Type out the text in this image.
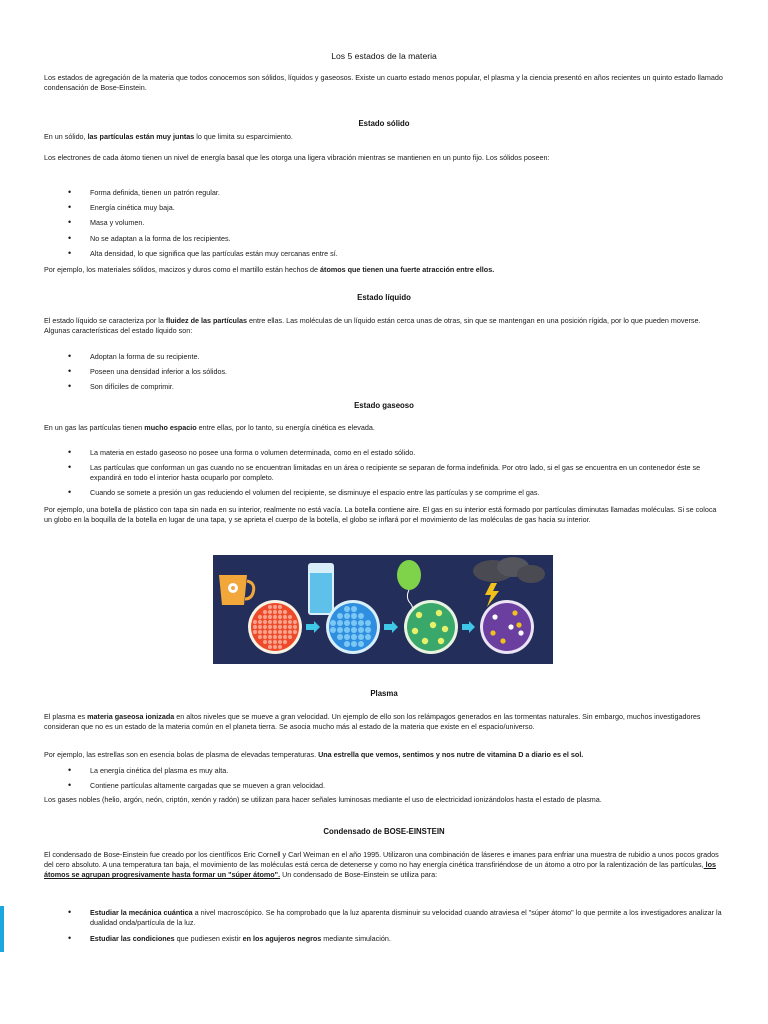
Los 5 estados de la materia

Los estados de agregación de la materia que todos conocemos son sólidos, líquidos y gaseosos. Existe un cuarto estado menos popular, el plasma y la ciencia presentó en años recientes un quinto estado llamado condensación de Bose-Einstein.

Estado sólido

En un sólido, las partículas están muy juntas lo que limita su esparcimiento.

Los electrones de cada átomo tienen un nivel de energía basal que les otorga una ligera vibración mientras se mantienen en un punto fijo. Los sólidos poseen:

• Forma definida, tienen un patrón regular.
• Energía cinética muy baja.
• Masa y volumen.
• No se adaptan a la forma de los recipientes.
• Alta densidad, lo que significa que las partículas están muy cercanas entre sí.

Por ejemplo, los materiales sólidos, macizos y duros como el martillo están hechos de átomos que tienen una fuerte atracción entre ellos.

Estado líquido

El estado líquido se caracteriza por la fluidez de las partículas entre ellas. Las moléculas de un líquido están cerca unas de otras, sin que se mantengan en una posición rígida, por lo que pueden moverse. Algunas características del estado líquido son:

• Adoptan la forma de su recipiente.
• Poseen una densidad inferior a los sólidos.
• Son difíciles de comprimir.
Estado gaseoso

En un gas las partículas tienen mucho espacio entre ellas, por lo tanto, su energía cinética es elevada.

• La materia en estado gaseoso no posee una forma o volumen determinada, como en el estado sólido.
• Las partículas que conforman un gas cuando no se encuentran limitadas en un área o recipiente se separan de forma indefinida. Por otro lado, si el gas se encuentra en un contenedor éste se expandirá en todo el interior hasta ocuparlo por completo.
• Cuando se somete a presión un gas reduciendo el volumen del recipiente, se disminuye el espacio entre las partículas y se comprime el gas.

Por ejemplo, una botella de plástico con tapa sin nada en su interior, realmente no está vacía. La botella contiene aire. El gas en su interior está formado por partículas diminutas llamadas moléculas. Si se coloca un globo en la boquilla de la botella en lugar de una tapa, y se aprieta el cuerpo de la botella, el globo se inflará por el movimiento de las moléculas de gas hacia su interior.

Plasma

El plasma es materia gaseosa ionizada en altos niveles que se mueve a gran velocidad. Un ejemplo de ello son los relámpagos generados en las tormentas naturales. Sin embargo, muchos investigadores consideran que no es un estado de la materia común en el planeta tierra. Se asocia mucho más al estado de la materia que existe en el espacio/universo.

Por ejemplo, las estrellas son en esencia bolas de plasma de elevadas temperaturas. Una estrella que vemos, sentimos y nos nutre de vitamina D a diario es el sol.

• La energía cinética del plasma es muy alta.
• Contiene partículas altamente cargadas que se mueven a gran velocidad.

Los gases nobles (helio, argón, neón, criptón, xenón y radón) se utilizan para hacer señales luminosas mediante el uso de electricidad ionizándolos hasta el estado de plasma.

Condensado de BOSE-EINSTEIN

El condensado de Bose-Einstein fue creado por los científicos Eric Cornell y Carl Weiman en el año 1995. Utilizaron una combinación de láseres e imanes para enfriar una muestra de rubidio a unos pocos grados del cero absoluto. A una temperatura tan baja, el movimiento de las moléculas está cerca de detenerse y como no hay energía cinética transfiriéndose de un átomo a otro por la ralentización de las partículas, los átomos se agrupan progresivamente hasta formar un "súper átomo". Un condensado de Bose-Einstein se utiliza para:

• Estudiar la mecánica cuántica a nivel macroscópico. Se ha comprobado que la luz aparenta disminuir su velocidad cuando atraviesa el "súper átomo" lo que permite a los investigadores analizar la dualidad onda/partícula de la luz.
• Estudiar las condiciones que pudiesen existir en los agujeros negros mediante simulación.
